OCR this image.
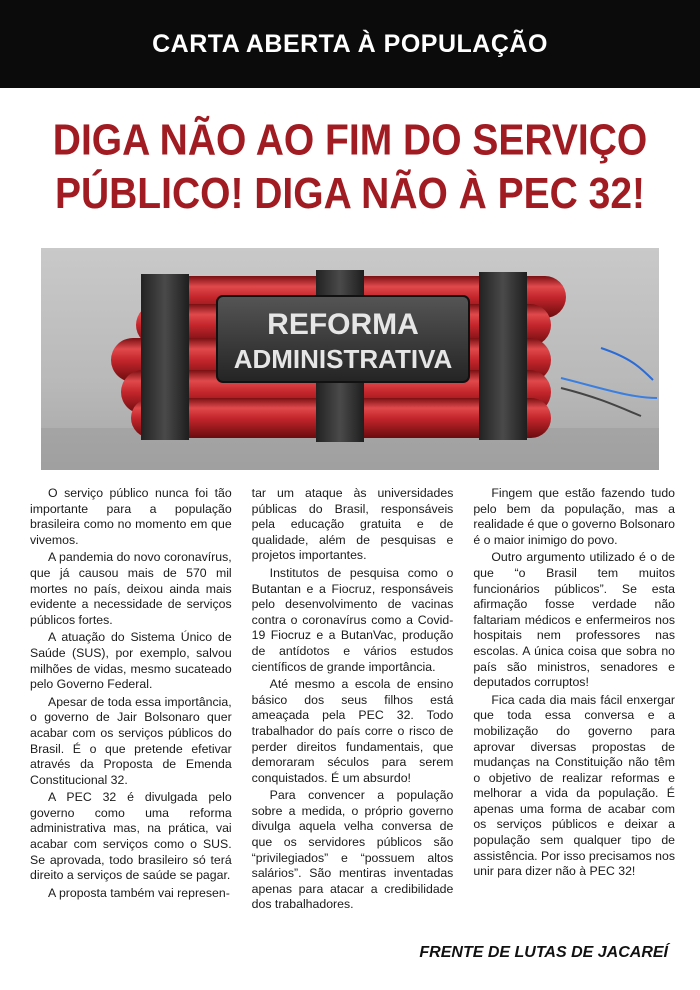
CARTA ABERTA À POPULAÇÃO
DIGA NÃO AO FIM DO SERVIÇO
PÚBLICO! DIGA NÃO À PEC 32!
REFORMA
ADMINISTRATIVA

O serviço público nunca foi tão importante para a população brasileira como no momento em que vivemos.

A pandemia do novo coronavírus, que já causou mais de 570 mil mortes no país, deixou ainda mais evidente a necessidade de serviços públicos fortes.

A atuação do Sistema Único de Saúde (SUS), por exemplo, salvou milhões de vidas, mesmo sucateado pelo Governo Federal.

Apesar de toda essa importância, o governo de Jair Bolsonaro quer acabar com os serviços públicos do Brasil. É o que pretende efetivar através da Proposta de Emenda Constitucional 32.

A PEC 32 é divulgada pelo governo como uma reforma administrativa mas, na prática, vai acabar com serviços como o SUS. Se aprovada, todo brasileiro só terá direito a serviços de saúde se pagar.

A proposta também vai represen-

tar um ataque às universidades públicas do Brasil, responsáveis pela educação gratuita e de qualidade, além de pesquisas e projetos importantes.

Institutos de pesquisa como o Butantan e a Fiocruz, responsáveis pelo desenvolvimento de vacinas contra o coronavírus como a Covid-19 Fiocruz e a ButanVac, produção de antídotos e vários estudos científicos de grande importância.

Até mesmo a escola de ensino básico dos seus filhos está ameaçada pela PEC 32. Todo trabalhador do país corre o risco de perder direitos fundamentais, que demoraram séculos para serem conquistados. É um absurdo!

Para convencer a população sobre a medida, o próprio governo divulga aquela velha conversa de que os servidores públicos são “privilegiados” e “possuem altos salários”. São mentiras inventadas apenas para atacar a credibilidade dos trabalhadores.

Fingem que estão fazendo tudo pelo bem da população, mas a realidade é que o governo Bolsonaro é o maior inimigo do povo.

Outro argumento utilizado é o de que “o Brasil tem muitos funcionários públicos”. Se esta afirmação fosse verdade não faltariam médicos e enfermeiros nos hospitais nem professores nas escolas. A única coisa que sobra no país são ministros, senadores e deputados corruptos!

Fica cada dia mais fácil enxergar que toda essa conversa e a mobilização do governo para aprovar diversas propostas de mudanças na Constituição não têm o objetivo de realizar reformas e melhorar a vida da população. É apenas uma forma de acabar com os serviços públicos e deixar a população sem qualquer tipo de assistência. Por isso precisamos nos unir para dizer não à PEC 32!

FRENTE DE LUTAS DE JACAREÍ
